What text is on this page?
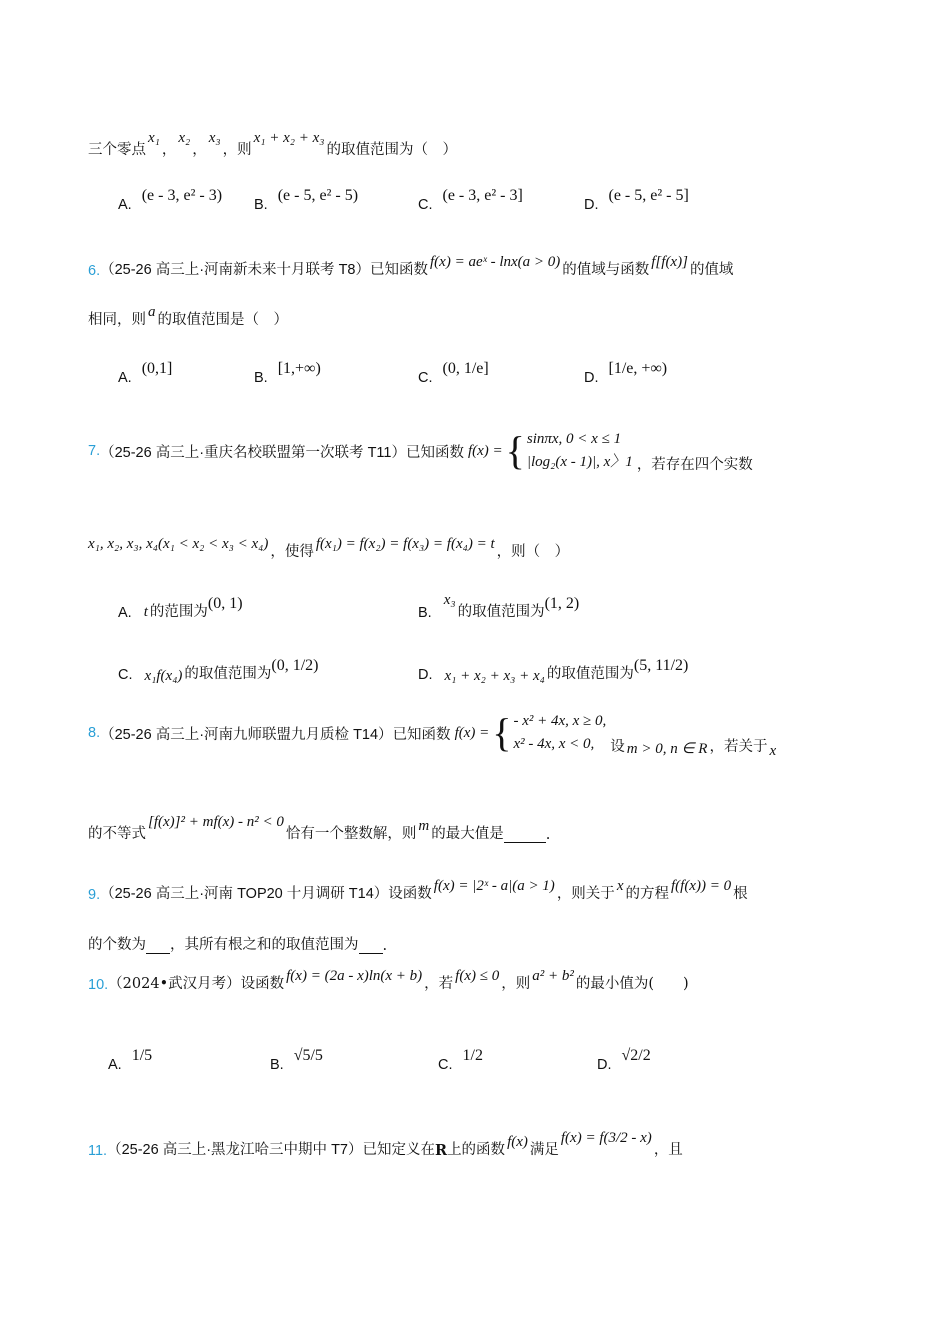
三个零点
x₁
，
x₂
，
x₃
，则
x₁ + x₂ + x₃
的取值范围为（　）
A.
(e - 3, e² - 3)
B.
(e - 5, e² - 5)
C.
(e - 3, e² - 3]
D.
(e - 5, e² - 5]
6. （25-26 高三上·河南新未来十月联考 T8） 已知函数 f(x) = aeˣ - lnx(a > 0) 的值域与函数 f[f(x)] 的值域
相同，则 a 的取值范围是（　）
A.
(0,1]
B.
[1,+∞)
C.
(0, 1/e]
D.
[1/e, +∞)
7. （25-26 高三上·重庆名校联盟第一次联考 T11） 已知函数 f(x) = { sinπx, 0 < x ≤ 1
|log₂(x - 1)|, x〉1 ，若存在四个实数
x₁, x₂, x₃, x₄(x₁ < x₂ < x₃ < x₄) ，使得 f(x₁) = f(x₂) = f(x₃) = f(x₄) = t ，则（　）
A. t 的范围为 (0, 1)
B.
x₃
的取值范围为 (1, 2)
C. x₁f(x₄) 的取值范围为 (0, 1/2)
D. x₁ + x₂ + x₃ + x₄ 的取值范围为 (5, 11/2)
8. （25-26 高三上·河南九师联盟九月质检 T14） 已知函数 f(x) = { - x² + 4x, x ≥ 0,
x² - 4x, x < 0,	设 m > 0, n ∈ R ，若关于 x
的不等式
[f(x)]² + mf(x) - n² < 0
恰有一个整数解，则 m 的最大值是	.
9. （25-26 高三上·河南 TOP20 十月调研 T14） 设函数 f(x) = |2ˣ - a|(a > 1) ，则关于 x 的方程 f(f(x)) = 0 根
的个数为 ，其所有根之和的取值范围为 .
10. （2024•武汉月考） 设函数 f(x) = (2a - x)ln(x + b) ，若 f(x) ≤ 0 ，则 a² + b² 的最小值为(　　)
A.
1/5
B.
√5/5
C.
1/2
D.
√2/2
11. （25-26 高三上·黑龙江哈三中期中 T7） 已知定义在 R 上的函数 f(x) 满足
f(x) = f(3/2 - x)
，且
